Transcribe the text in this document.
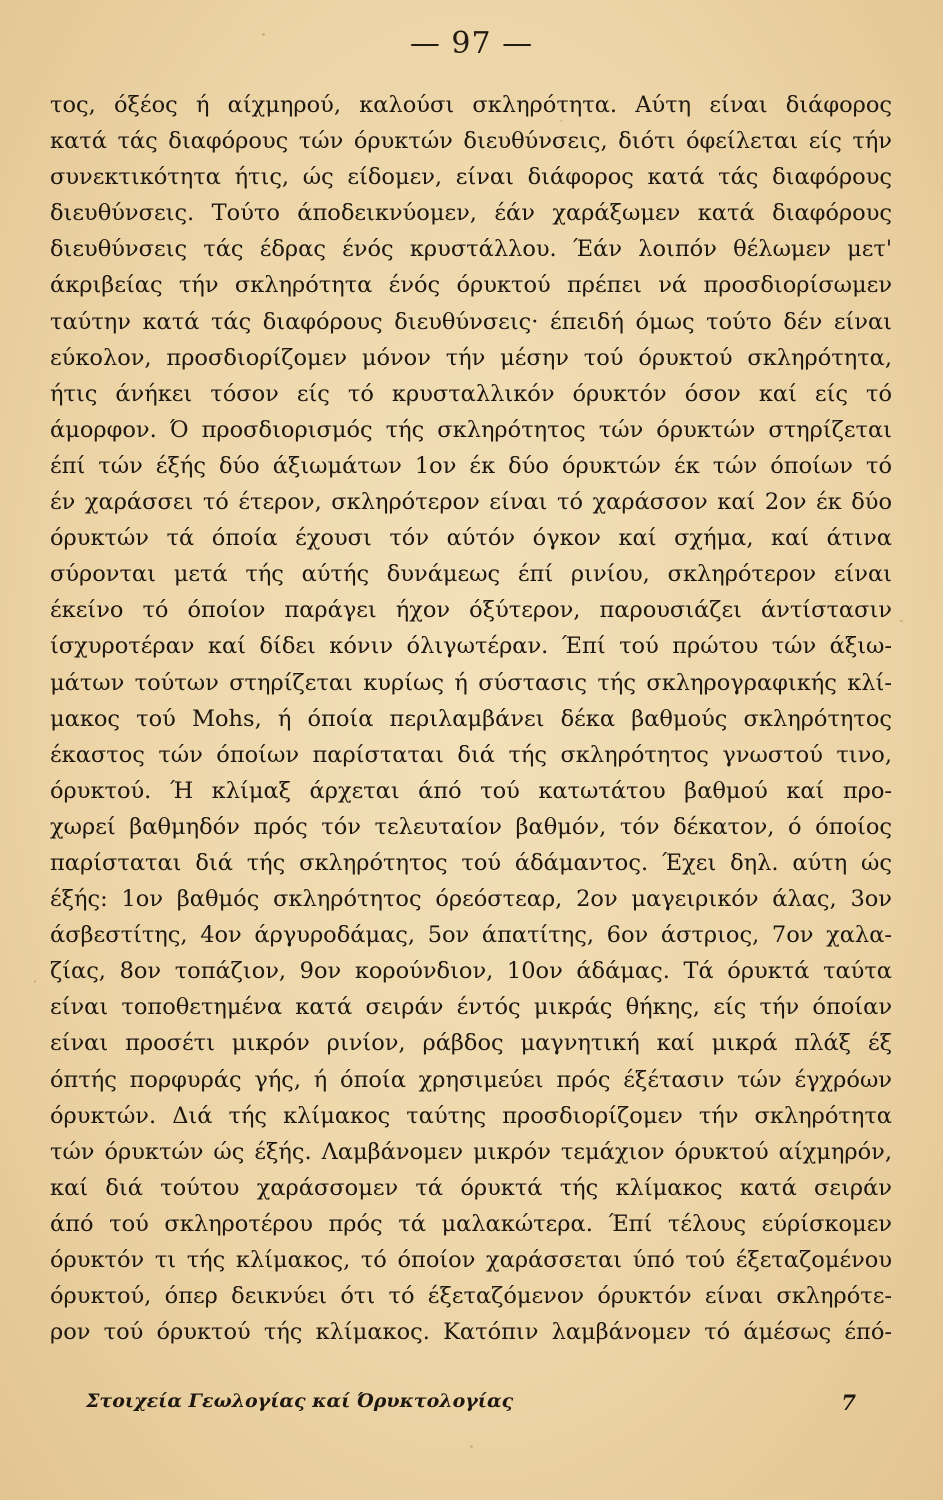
— 97 —
τος, όξέος ή αίχμηρού, καλούσι σκληρότητα. Αύτη είναι διάφορος
κατά τάς διαφόρους τών όρυκτών διευθύνσεις, διότι όφείλεται είς τήν
συνεκτικότητα ήτις, ώς είδομεν, είναι διάφορος κατά τάς διαφόρους
διευθύνσεις. Τούτο άποδεικνύομεν, έάν χαράξωμεν κατά διαφόρους
διευθύνσεις τάς έδρας ένός κρυστάλλου. Έάν λοιπόν θέλωμεν μετ'
άκριβείας τήν σκληρότητα ένός όρυκτού πρέπει νά προσδιορίσωμεν
ταύτην κατά τάς διαφόρους διευθύνσεις· έπειδή όμως τούτο δέν είναι
εύκολον, προσδιορίζομεν μόνον τήν μέσην τού όρυκτού σκληρότητα,
ήτις άνήκει τόσον είς τό κρυσταλλικόν όρυκτόν όσον καί είς τό
άμορφον. Ό προσδιορισμός τής σκληρότητος τών όρυκτών στηρίζεται
έπί τών έξής δύο άξιωμάτων 1ον έκ δύο όρυκτών έκ τών όποίων τό
έν χαράσσει τό έτερον, σκληρότερον είναι τό χαράσσον καί 2ον έκ δύο
όρυκτών τά όποία έχουσι τόν αύτόν όγκον καί σχήμα, καί άτινα
σύρονται μετά τής αύτής δυνάμεως έπί ρινίου, σκληρότερον είναι
έκείνο τό όποίον παράγει ήχον όξύτερον, παρουσιάζει άντίστασιν
ίσχυροτέραν καί δίδει κόνιν όλιγωτέραν. Έπί τού πρώτου τών άξιω-
μάτων τούτων στηρίζεται κυρίως ή σύστασις τής σκληρογραφικής κλί-
μακος τού Mohs, ή όποία περιλαμβάνει δέκα βαθμούς σκληρότητος
έκαστος τών όποίων παρίσταται διά τής σκληρότητος γνωστού τινο,
όρυκτού. Ή κλίμαξ άρχεται άπό τού κατωτάτου βαθμού καί προ-
χωρεί βαθμηδόν πρός τόν τελευταίον βαθμόν, τόν δέκατον, ό όποίος
παρίσταται διά τής σκληρότητος τού άδάμαντος. Έχει δηλ. αύτη ώς
έξής: 1ον βαθμός σκληρότητος όρεόστεαρ, 2ον μαγειρικόν άλας, 3ον
άσβεστίτης, 4ον άργυροδάμας, 5ον άπατίτης, 6ον άστριος, 7ον χαλα-
ζίας, 8ον τοπάζιον, 9ον κορούνδιον, 10ον άδάμας. Τά όρυκτά ταύτα
είναι τοποθετημένα κατά σειράν έντός μικράς θήκης, είς τήν όποίαν
είναι προσέτι μικρόν ρινίον, ράβδος μαγνητική καί μικρά πλάξ έξ
όπτής πορφυράς γής, ή όποία χρησιμεύει πρός έξέτασιν τών έγχρόων
όρυκτών. Διά τής κλίμακος ταύτης προσδιορίζομεν τήν σκληρότητα
τών όρυκτών ώς έξής. Λαμβάνομεν μικρόν τεμάχιον όρυκτού αίχμηρόν,
καί διά τούτου χαράσσομεν τά όρυκτά τής κλίμακος κατά σειράν
άπό τού σκληροτέρου πρός τά μαλακώτερα. Έπί τέλους εύρίσκομεν
όρυκτόν τι τής κλίμακος, τό όποίον χαράσσεται ύπό τού έξεταζομένου
όρυκτού, όπερ δεικνύει ότι τό έξεταζόμενον όρυκτόν είναι σκληρότε-
ρον τού όρυκτού τής κλίμακος. Κατόπιν λαμβάνομεν τό άμέσως έπό-
Στοιχεία Γεωλογίας καί Όρυκτολογίας	7
